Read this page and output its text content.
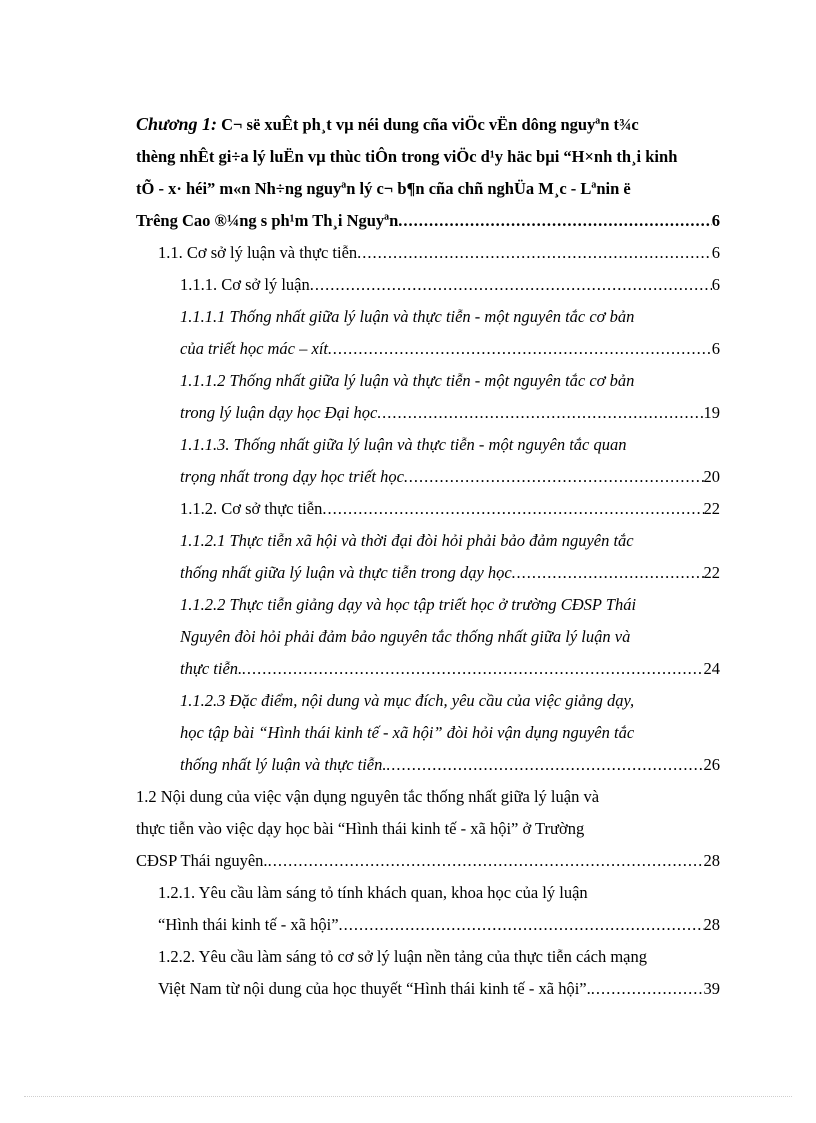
Chương 1: C¬ së xuÊt ph¸t vµ néi dung cña viÖc vËn dông nguyªn t¾c
thèng nhÊt gi÷a lý luËn vµ thùc tiÔn trong viÖc d¹y häc bµi “H×nh th¸i kinh
tÕ - x· héi” m«n Nh÷ng nguyªn lý c¬ b¶n cña chñ nghÜa M¸c - Lªnin ë
Trêng Cao ®¼ng s ph¹m Th¸i Nguyªn .....	6
1.1. Cơ sở lý luận và thực tiễn .....	6
1.1.1. Cơ sở lý luận .....	6
1.1.1.1 Thống nhất giữa lý luận và thực tiễn - một nguyên tắc cơ bản
của triết học mác – xít .....	6
1.1.1.2 Thống nhất giữa lý luận và thực tiễn - một nguyên tắc cơ bản
trong lý luận dạy học Đại học .....	19
1.1.1.3. Thống nhất giữa lý luận và thực tiễn - một nguyên tắc quan
trọng nhất trong dạy học triết học .....	20
1.1.2. Cơ sở thực tiễn .....	22
1.1.2.1 Thực tiễn xã hội và thời đại đòi hỏi phải bảo đảm nguyên tắc
thống nhất giữa lý luận và thực tiễn trong dạy học .....	22
1.1.2.2 Thực tiễn giảng dạy và học tập triết học ở trường CĐSP Thái
Nguyên đòi hỏi phải đảm bảo nguyên tắc thống nhất giữa lý luận và
thực tiễn. .....	24
1.1.2.3 Đặc điểm, nội dung và mục đích, yêu cầu của việc giảng dạy,
học tập bài “Hình thái kinh tế - xã hội” đòi hỏi vận dụng nguyên tắc
thống nhất lý luận và thực tiễn. .....	26
1.2 Nội dung của việc vận dụng nguyên tắc thống nhất giữa lý luận và
thực tiễn vào việc dạy học bài “Hình thái kinh tế - xã hội” ở Trường
CĐSP Thái nguyên. .....	28
1.2.1. Yêu cầu làm sáng tỏ tính khách quan, khoa học của lý luận
“Hình thái kinh tế - xã hội” .....	28
1.2.2. Yêu cầu làm sáng tỏ cơ sở lý luận nền tảng của thực tiễn cách mạng
Việt Nam từ nội dung của học thuyết “Hình thái kinh tế - xã hội”. .....	39
